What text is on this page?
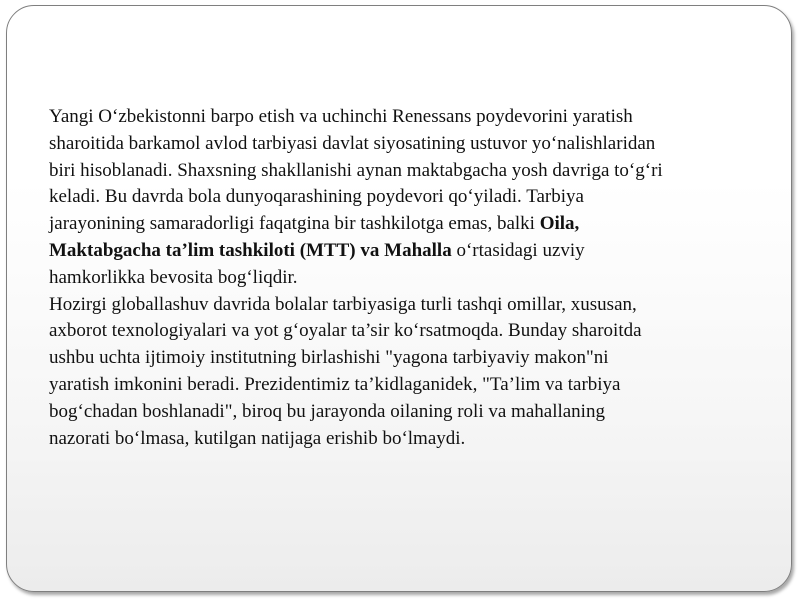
Yangi O‘zbekistonni barpo etish va uchinchi Renessans poydevorini yaratish
sharoitida barkamol avlod tarbiyasi davlat siyosatining ustuvor yo‘nalishlaridan
biri hisoblanadi. Shaxsning shakllanishi aynan maktabgacha yosh davriga to‘g‘ri
keladi. Bu davrda bola dunyoqarashining poydevori qo‘yiladi. Tarbiya
jarayonining samaradorligi faqatgina bir tashkilotga emas, balki Oila,
Maktabgacha ta’lim tashkiloti (MTT) va Mahalla o‘rtasidagi uzviy
hamkorlikka bevosita bog‘liqdir.
Hozirgi globallashuv davrida bolalar tarbiyasiga turli tashqi omillar, xususan,
axborot texnologiyalari va yot g‘oyalar ta’sir ko‘rsatmoqda. Bunday sharoitda
ushbu uchta ijtimoiy institutning birlashishi "yagona tarbiyaviy makon"ni
yaratish imkonini beradi. Prezidentimiz ta’kidlaganidek, "Ta’lim va tarbiya
bog‘chadan boshlanadi", biroq bu jarayonda oilaning roli va mahallaning
nazorati bo‘lmasa, kutilgan natijaga erishib bo‘lmaydi.
